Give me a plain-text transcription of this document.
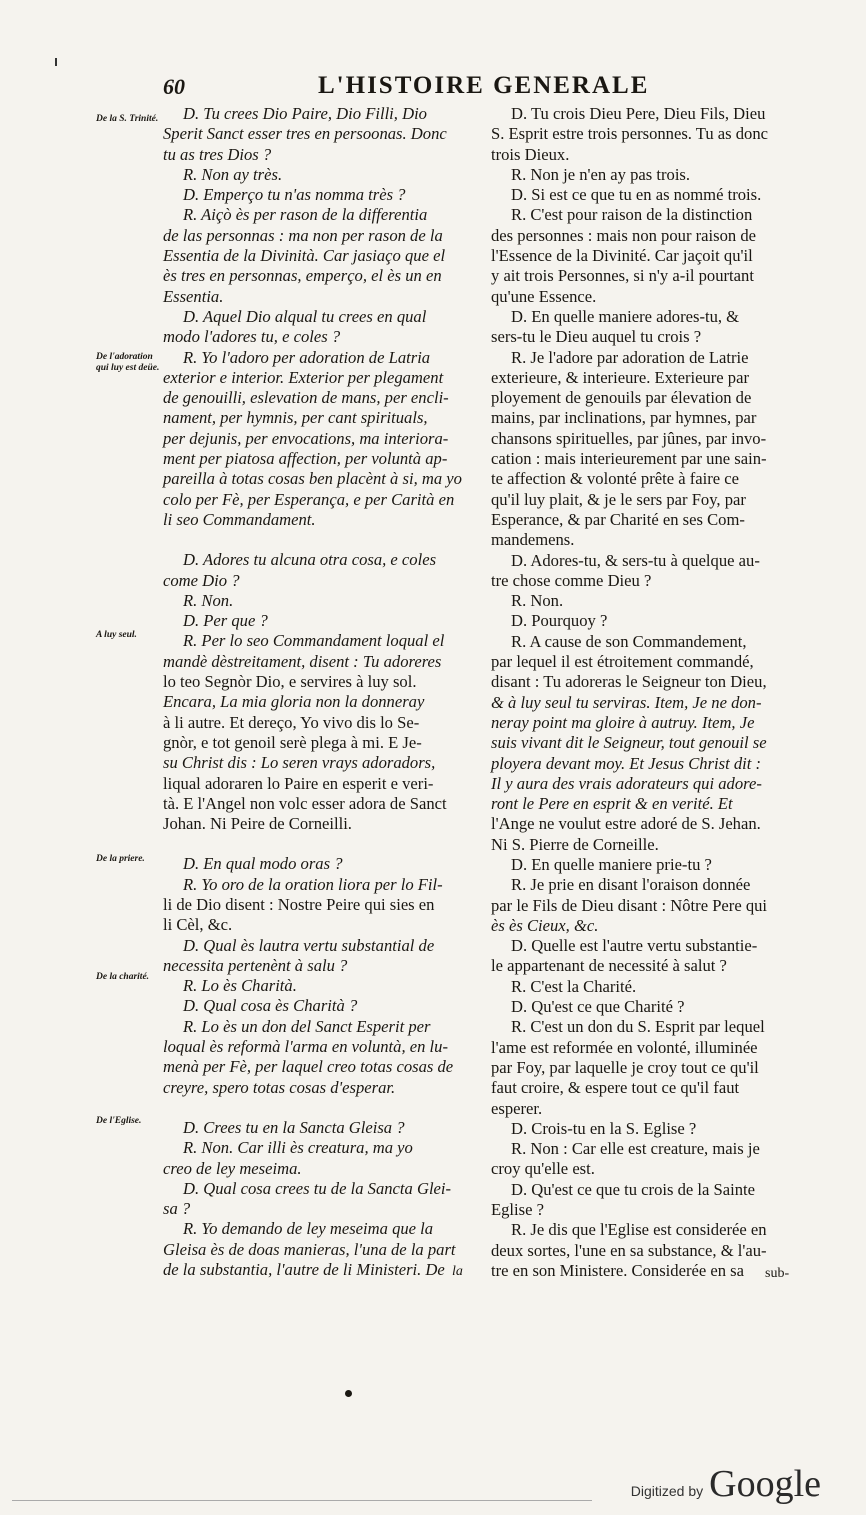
60	L'HISTOIRE GENERALE
De la S. Trinité.
De l'adoration qui luy est deüe.
A luy seul.
De la priere.
De la charité.
De l'Eglise.

D. Tu crees Dio Paire, Dio Filli, Dio

Sperit Sanct esser tres en persoonas. Donc

tu as tres Dios ?

R. Non ay très.

D. Emperço tu n'as nomma très ?

R. Aiçò ès per rason de la differentia

de las personnas : ma non per rason de la

Essentia de la Divinità. Car jasiaço que el

ès tres en personnas, emperço, el ès un en

Essentia.

D. Aquel Dio alqual tu crees en qual

modo l'adores tu, e coles ?

R. Yo l'adoro per adoration de Latria

exterior e interior. Exterior per plegament

de genouilli, eslevation de mans, per encli-

nament, per hymnis, per cant spirituals,

per dejunis, per envocations, ma interiora-

ment per piatosa affection, per voluntà ap-

pareilla à totas cosas ben placènt à si, ma yo

colo per Fè, per Esperança, e per Carità en

li seo Commandament.

D. Adores tu alcuna otra cosa, e coles

come Dio ?

R. Non.

D. Per que ?

R. Per lo seo Commandament loqual el

mandè dèstreitament, disent : Tu adoreres

lo teo Segnòr Dio, e servires à luy sol.

Encara, La mia gloria non la donneray

à li autre. Et dereço, Yo vivo dis lo Se-

gnòr, e tot genoil serè plega à mi. E Je-

su Christ dis : Lo seren vrays adoradors,

liqual adoraren lo Paire en esperit e veri-

tà. E l'Angel non volc esser adora de Sanct

Johan. Ni Peire de Corneilli.

D. En qual modo oras ?

R. Yo oro de la oration liora per lo Fil-

li de Dio disent : Nostre Peire qui sies en

li Cèl, &c.

D. Qual ès lautra vertu substantial de

necessita pertenènt à salu ?

R. Lo ès Charità.

D. Qual cosa ès Charità ?

R. Lo ès un don del Sanct Esperit per

loqual ès reformà l'arma en voluntà, en lu-

menà per Fè, per laquel creo totas cosas de

creyre, spero totas cosas d'esperar.

D. Crees tu en la Sancta Gleisa ?

R. Non. Car illi ès creatura, ma yo

creo de ley meseima.

D. Qual cosa crees tu de la Sancta Glei-

sa ?

R. Yo demando de ley meseima que la

Gleisa ès de doas manieras, l'una de la part

de la substantia, l'autre de li Ministeri. De la

D. Tu crois Dieu Pere, Dieu Fils, Dieu

S. Esprit estre trois personnes. Tu as donc

trois Dieux.

R. Non je n'en ay pas trois.

D. Si est ce que tu en as nommé trois.

R. C'est pour raison de la distinction

des personnes : mais non pour raison de

l'Essence de la Divinité. Car jaçoit qu'il

y ait trois Personnes, si n'y a-il pourtant

qu'une Essence.

D. En quelle maniere adores-tu, &

sers-tu le Dieu auquel tu crois ?

R. Je l'adore par adoration de Latrie

exterieure, & interieure. Exterieure par

ployement de genouils par élevation de

mains, par inclinations, par hymnes, par

chansons spirituelles, par jûnes, par invo-

cation : mais interieurement par une sain-

te affection & volonté prête à faire ce

qu'il luy plait, & je le sers par Foy, par

Esperance, & par Charité en ses Com-

mandemens.

D. Adores-tu, & sers-tu à quelque au-

tre chose comme Dieu ?

R. Non.

D. Pourquoy ?

R. A cause de son Commandement,

par lequel il est étroitement commandé,

disant : Tu adoreras le Seigneur ton Dieu,

& à luy seul tu serviras. Item, Je ne don-

neray point ma gloire à autruy. Item, Je

suis vivant dit le Seigneur, tout genouil se

ployera devant moy. Et Jesus Christ dit :

Il y aura des vrais adorateurs qui adore-

ront le Pere en esprit & en verité. Et

l'Ange ne voulut estre adoré de S. Jehan.

Ni S. Pierre de Corneille.

D. En quelle maniere prie-tu ?

R. Je prie en disant l'oraison donnée

par le Fils de Dieu disant : Nôtre Pere qui

ès ès Cieux, &c.

D. Quelle est l'autre vertu substantie-

le appartenant de necessité à salut ?

R. C'est la Charité.

D. Qu'est ce que Charité ?

R. C'est un don du S. Esprit par lequel

l'ame est reformée en volonté, illuminée

par Foy, par laquelle je croy tout ce qu'il

faut croire, & espere tout ce qu'il faut

esperer.

D. Crois-tu en la S. Eglise ?

R. Non : Car elle est creature, mais je

croy qu'elle est.

D. Qu'est ce que tu crois de la Sainte

Eglise ?

R. Je dis que l'Eglise est considerée en

deux sortes, l'une en sa substance, & l'au-

tre en son Ministere. Considerée en sa	sub-
Digitized by Google
